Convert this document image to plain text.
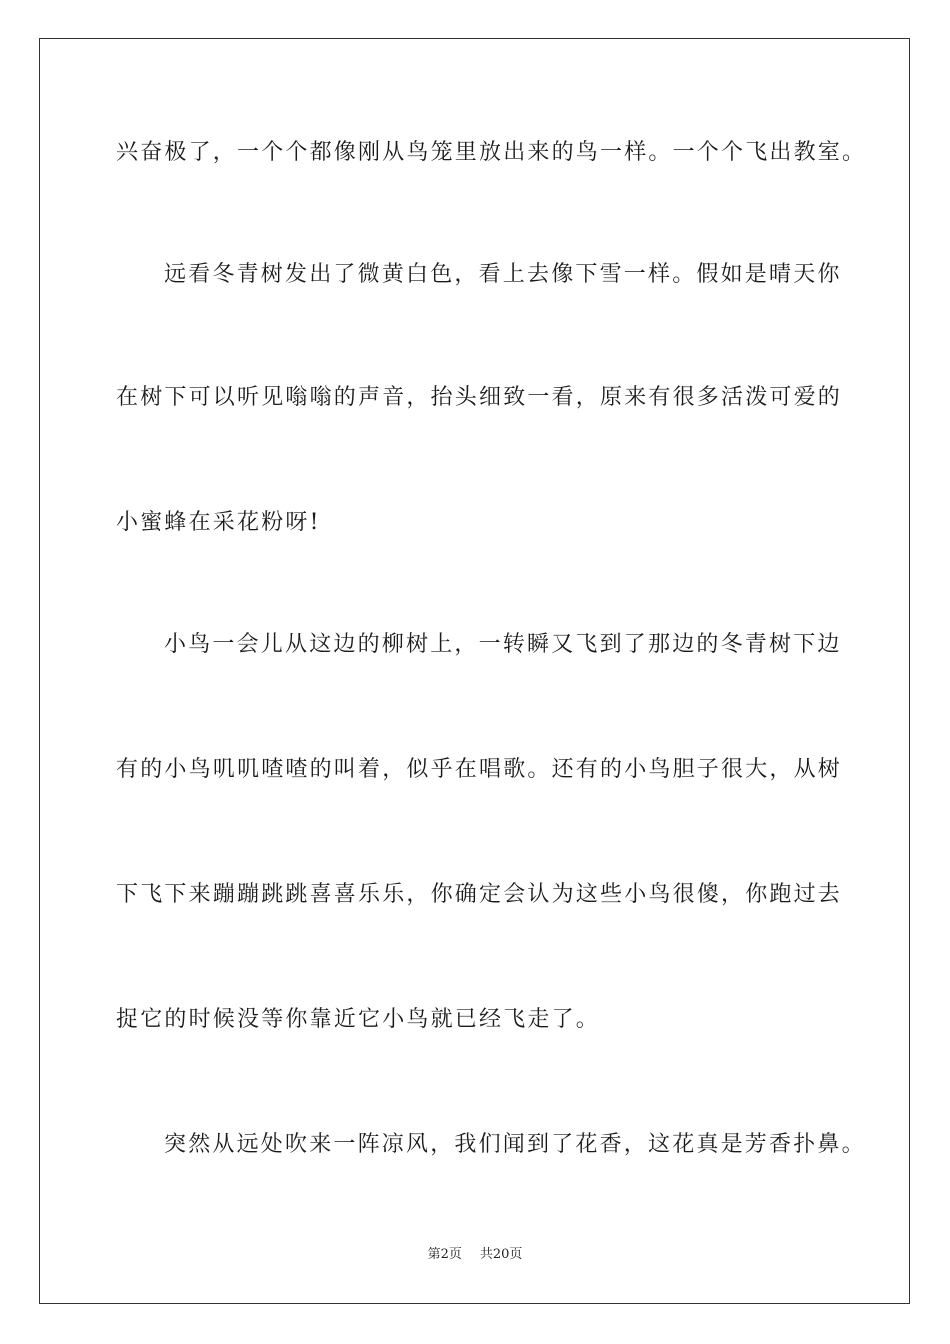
兴奋极了，一个个都像刚从鸟笼里放出来的鸟一样。一个个飞出教室。
远看冬青树发出了微黄白色，看上去像下雪一样。假如是晴天你
在树下可以听见嗡嗡的声音，抬头细致一看，原来有很多活泼可爱的
小蜜蜂在采花粉呀!
小鸟一会儿从这边的柳树上，一转瞬又飞到了那边的冬青树下边
有的小鸟叽叽喳喳的叫着，似乎在唱歌。还有的小鸟胆子很大，从树
下飞下来蹦蹦跳跳喜喜乐乐，你确定会认为这些小鸟很傻，你跑过去
捉它的时候没等你靠近它小鸟就已经飞走了。
突然从远处吹来一阵凉风，我们闻到了花香，这花真是芳香扑鼻。
第2页 共20页
